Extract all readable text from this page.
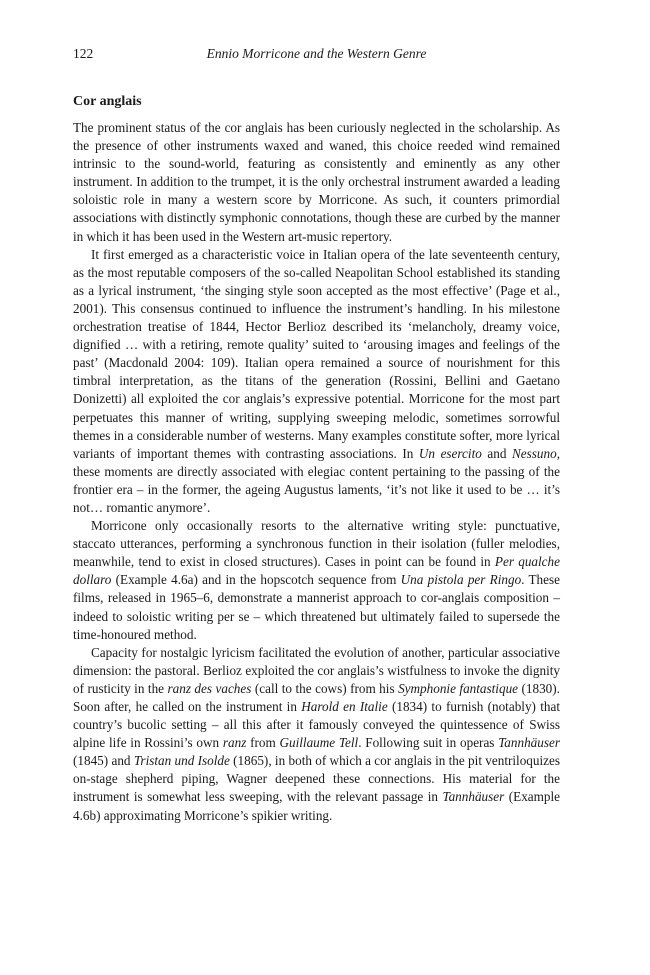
122	Ennio Morricone and the Western Genre
Cor anglais

The prominent status of the cor anglais has been curiously neglected in the scholarship. As the presence of other instruments waxed and waned, this choice reeded wind remained intrinsic to the sound-world, featuring as consistently and eminently as any other instrument. In addition to the trumpet, it is the only orchestral instrument awarded a leading soloistic role in many a western score by Morricone. As such, it counters primordial associations with distinctly symphonic connotations, though these are curbed by the manner in which it has been used in the Western art-music repertory.

It first emerged as a characteristic voice in Italian opera of the late seventeenth century, as the most reputable composers of the so-called Neapolitan School established its standing as a lyrical instrument, ‘the singing style soon accepted as the most effective’ (Page et al., 2001). This consensus continued to influence the instrument’s handling. In his milestone orchestration treatise of 1844, Hector Berlioz described its ‘melancholy, dreamy voice, dignified … with a retiring, remote quality’ suited to ‘arousing images and feelings of the past’ (Macdonald 2004: 109). Italian opera remained a source of nourishment for this timbral interpretation, as the titans of the generation (Rossini, Bellini and Gaetano Donizetti) all exploited the cor anglais’s expressive potential. Morricone for the most part perpetuates this manner of writing, supplying sweeping melodic, sometimes sorrowful themes in a considerable number of westerns. Many examples constitute softer, more lyrical variants of important themes with contrasting associations. In Un esercito and Nessuno, these moments are directly associated with elegiac content pertaining to the passing of the frontier era – in the former, the ageing Augustus laments, ‘it’s not like it used to be … it’s not… romantic anymore’.

Morricone only occasionally resorts to the alternative writing style: punctuative, staccato utterances, performing a synchronous function in their isolation (fuller melodies, meanwhile, tend to exist in closed structures). Cases in point can be found in Per qualche dollaro (Example 4.6a) and in the hopscotch sequence from Una pistola per Ringo. These films, released in 1965–6, demonstrate a mannerist approach to cor-anglais composition – indeed to soloistic writing per se – which threatened but ultimately failed to supersede the time-honoured method.

Capacity for nostalgic lyricism facilitated the evolution of another, particular associative dimension: the pastoral. Berlioz exploited the cor anglais’s wistfulness to invoke the dignity of rusticity in the ranz des vaches (call to the cows) from his Symphonie fantastique (1830). Soon after, he called on the instrument in Harold en Italie (1834) to furnish (notably) that country’s bucolic setting – all this after it famously conveyed the quintessence of Swiss alpine life in Rossini’s own ranz from Guillaume Tell. Following suit in operas Tannhäuser (1845) and Tristan und Isolde (1865), in both of which a cor anglais in the pit ventriloquizes on-stage shepherd piping, Wagner deepened these connections. His material for the instrument is somewhat less sweeping, with the relevant passage in Tannhäuser (Example 4.6b) approximating Morricone’s spikier writing.
